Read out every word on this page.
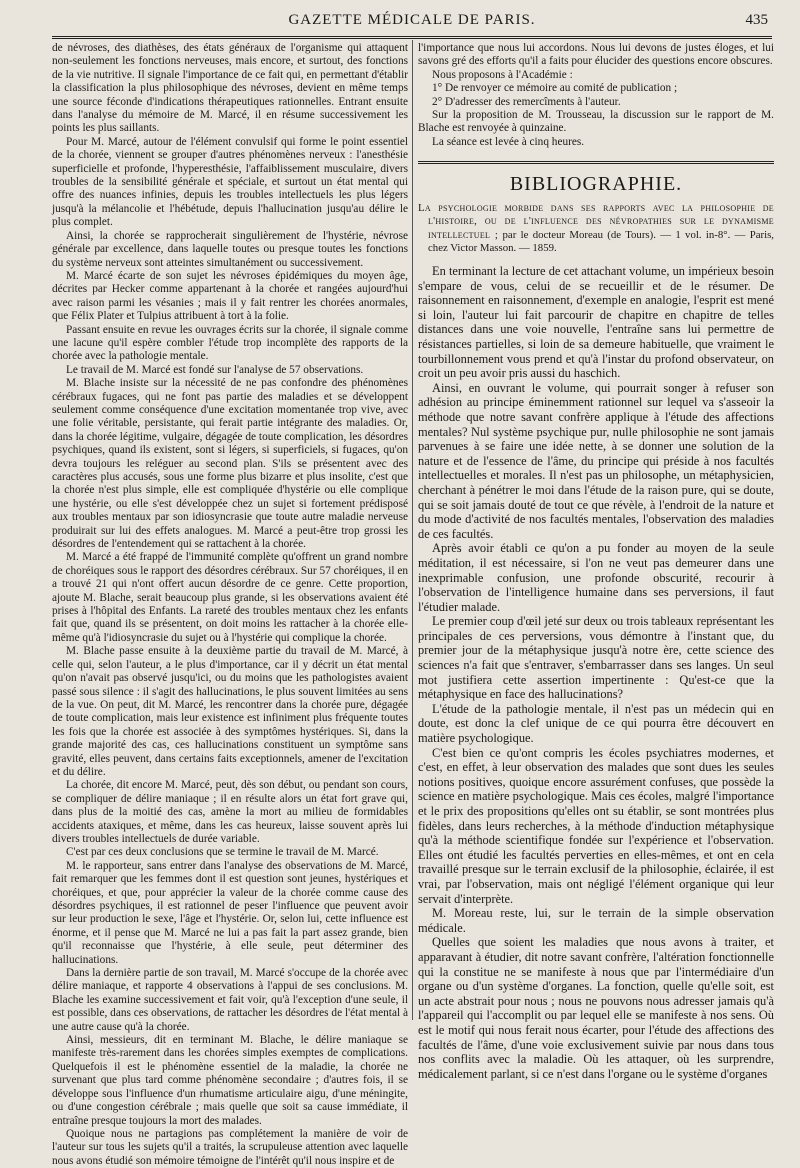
GAZETTE MÉDICALE DE PARIS.	435

de névroses, des diathèses, des états généraux de l'organisme qui attaquent non-seulement les fonctions nerveuses, mais encore, et surtout, des fonctions de la vie nutritive. Il signale l'importance de ce fait qui, en permettant d'établir la classification la plus philosophique des névroses, devient en même temps une source féconde d'indications thérapeutiques rationnelles. Entrant ensuite dans l'analyse du mémoire de M. Marcé, il en résume successivement les points les plus saillants.

Pour M. Marcé, autour de l'élément convulsif qui forme le point essentiel de la chorée, viennent se grouper d'autres phénomènes nerveux : l'anesthésie superficielle et profonde, l'hyperesthésie, l'affaiblissement musculaire, divers troubles de la sensibilité générale et spéciale, et surtout un état mental qui offre des nuances infinies, depuis les troubles intellectuels les plus légers jusqu'à la mélancolie et l'hébétude, depuis l'hallucination jusqu'au délire le plus complet.

Ainsi, la chorée se rapprocherait singulièrement de l'hystérie, névrose générale par excellence, dans laquelle toutes ou presque toutes les fonctions du système nerveux sont atteintes simultanément ou successivement.

M. Marcé écarte de son sujet les névroses épidémiques du moyen âge, décrites par Hecker comme appartenant à la chorée et rangées aujourd'hui avec raison parmi les vésanies ; mais il y fait rentrer les chorées anormales, que Félix Plater et Tulpius attribuent à tort à la folie.

Passant ensuite en revue les ouvrages écrits sur la chorée, il signale comme une lacune qu'il espère combler l'étude trop incomplète des rapports de la chorée avec la pathologie mentale.

Le travail de M. Marcé est fondé sur l'analyse de 57 observations.

M. Blache insiste sur la nécessité de ne pas confondre des phénomènes cérébraux fugaces, qui ne font pas partie des maladies et se développent seulement comme conséquence d'une excitation momentanée trop vive, avec une folie véritable, persistante, qui ferait partie intégrante des maladies. Or, dans la chorée légitime, vulgaire, dégagée de toute complication, les désordres psychiques, quand ils existent, sont si légers, si superficiels, si fugaces, qu'on devra toujours les reléguer au second plan. S'ils se présentent avec des caractères plus accusés, sous une forme plus bizarre et plus insolite, c'est que la chorée n'est plus simple, elle est compliquée d'hystérie ou elle complique une hystérie, ou elle s'est développée chez un sujet si fortement prédisposé aux troubles mentaux par son idiosyncrasie que toute autre maladie nerveuse produirait sur lui des effets analogues. M. Marcé a peut-être trop grossi les désordres de l'entendement qui se rattachent à la chorée.

M. Marcé a été frappé de l'immunité complète qu'offrent un grand nombre de choréiques sous le rapport des désordres cérébraux. Sur 57 choréiques, il en a trouvé 21 qui n'ont offert aucun désordre de ce genre. Cette proportion, ajoute M. Blache, serait beaucoup plus grande, si les observations avaient été prises à l'hôpital des Enfants. La rareté des troubles mentaux chez les enfants fait que, quand ils se présentent, on doit moins les rattacher à la chorée elle-même qu'à l'idiosyncrasie du sujet ou à l'hystérie qui complique la chorée.

M. Blache passe ensuite à la deuxième partie du travail de M. Marcé, à celle qui, selon l'auteur, a le plus d'importance, car il y décrit un état mental qu'on n'avait pas observé jusqu'ici, ou du moins que les pathologistes avaient passé sous silence : il s'agit des hallucinations, le plus souvent limitées au sens de la vue. On peut, dit M. Marcé, les rencontrer dans la chorée pure, dégagée de toute complication, mais leur existence est infiniment plus fréquente toutes les fois que la chorée est associée à des symptômes hystériques. Si, dans la grande majorité des cas, ces hallucinations constituent un symptôme sans gravité, elles peuvent, dans certains faits exceptionnels, amener de l'excitation et du délire.

La chorée, dit encore M. Marcé, peut, dès son début, ou pendant son cours, se compliquer de délire maniaque ; il en résulte alors un état fort grave qui, dans plus de la moitié des cas, amène la mort au milieu de formidables accidents ataxiques, et même, dans les cas heureux, laisse souvent après lui divers troubles intellectuels de durée variable.

C'est par ces deux conclusions que se termine le travail de M. Marcé.

M. le rapporteur, sans entrer dans l'analyse des observations de M. Marcé, fait remarquer que les femmes dont il est question sont jeunes, hystériques et choréiques, et que, pour apprécier la valeur de la chorée comme cause des désordres psychiques, il est rationnel de peser l'influence que peuvent avoir sur leur production le sexe, l'âge et l'hystérie. Or, selon lui, cette influence est énorme, et il pense que M. Marcé ne lui a pas fait la part assez grande, bien qu'il reconnaisse que l'hystérie, à elle seule, peut déterminer des hallucinations.

Dans la dernière partie de son travail, M. Marcé s'occupe de la chorée avec délire maniaque, et rapporte 4 observations à l'appui de ses conclusions. M. Blache les examine successivement et fait voir, qu'à l'exception d'une seule, il est possible, dans ces observations, de rattacher les désordres de l'état mental à une autre cause qu'à la chorée.

Ainsi, messieurs, dit en terminant M. Blache, le délire maniaque se manifeste très-rarement dans les chorées simples exemptes de complications. Quelquefois il est le phénomène essentiel de la maladie, la chorée ne survenant que plus tard comme phénomène secondaire ; d'autres fois, il se développe sous l'influence d'un rhumatisme articulaire aigu, d'une méningite, ou d'une congestion cérébrale ; mais quelle que soit sa cause immédiate, il entraîne presque toujours la mort des malades.

Quoique nous ne partagions pas complétement la manière de voir de l'auteur sur tous les sujets qu'il a traités, la scrupuleuse attention avec laquelle nous avons étudié son mémoire témoigne de l'intérêt qu'il nous inspire et de

l'importance que nous lui accordons. Nous lui devons de justes éloges, et lui savons gré des efforts qu'il a faits pour élucider des questions encore obscures.

Nous proposons à l'Académie :

1° De renvoyer ce mémoire au comité de publication ;

2° D'adresser des remercîments à l'auteur.

Sur la proposition de M. Trousseau, la discussion sur le rapport de M. Blache est renvoyée à quinzaine.

La séance est levée à cinq heures.

BIBLIOGRAPHIE.
La psychologie morbide dans ses rapports avec la philosophie de l'histoire, ou de l'influence des névropathies sur le dynamisme intellectuel ; par le docteur Moreau (de Tours). — 1 vol. in-8°. — Paris, chez Victor Masson. — 1859.

En terminant la lecture de cet attachant volume, un impérieux besoin s'empare de vous, celui de se recueillir et de le résumer. De raisonnement en raisonnement, d'exemple en analogie, l'esprit est mené si loin, l'auteur lui fait parcourir de chapitre en chapitre de telles distances dans une voie nouvelle, l'entraîne sans lui permettre de résistances partielles, si loin de sa demeure habituelle, que vraiment le tourbillonnement vous prend et qu'à l'instar du profond observateur, on croit un peu avoir pris aussi du haschich.

Ainsi, en ouvrant le volume, qui pourrait songer à refuser son adhésion au principe éminemment rationnel sur lequel va s'asseoir la méthode que notre savant confrère applique à l'étude des affections mentales? Nul système psychique pur, nulle philosophie ne sont jamais parvenues à se faire une idée nette, à se donner une solution de la nature et de l'essence de l'âme, du principe qui préside à nos facultés intellectuelles et morales. Il n'est pas un philosophe, un métaphysicien, cherchant à pénétrer le moi dans l'étude de la raison pure, qui se doute, qui se soit jamais douté de tout ce que révèle, à l'endroit de la nature et du mode d'activité de nos facultés mentales, l'observation des maladies de ces facultés.

Après avoir établi ce qu'on a pu fonder au moyen de la seule méditation, il est nécessaire, si l'on ne veut pas demeurer dans une inexprimable confusion, une profonde obscurité, recourir à l'observation de l'intelligence humaine dans ses perversions, il faut l'étudier malade.

Le premier coup d'œil jeté sur deux ou trois tableaux représentant les principales de ces perversions, vous démontre à l'instant que, du premier jour de la métaphysique jusqu'à notre ère, cette science des sciences n'a fait que s'entraver, s'embarrasser dans ses langes. Un seul mot justifiera cette assertion impertinente : Qu'est-ce que la métaphysique en face des hallucinations?

L'étude de la pathologie mentale, il n'est pas un médecin qui en doute, est donc la clef unique de ce qui pourra être découvert en matière psychologique.

C'est bien ce qu'ont compris les écoles psychiatres modernes, et c'est, en effet, à leur observation des malades que sont dues les seules notions positives, quoique encore assurément confuses, que possède la science en matière psychologique. Mais ces écoles, malgré l'importance et le prix des propositions qu'elles ont su établir, se sont montrées plus fidèles, dans leurs recherches, à la méthode d'induction métaphysique qu'à la méthode scientifique fondée sur l'expérience et l'observation. Elles ont étudié les facultés perverties en elles-mêmes, et ont en cela travaillé presque sur le terrain exclusif de la philosophie, éclairée, il est vrai, par l'observation, mais ont négligé l'élément organique qui leur servait d'interprète.

M. Moreau reste, lui, sur le terrain de la simple observation médicale.

Quelles que soient les maladies que nous avons à traiter, et apparavant à étudier, dit notre savant confrère, l'altération fonctionnelle qui la constitue ne se manifeste à nous que par l'intermédiaire d'un organe ou d'un système d'organes. La fonction, quelle qu'elle soit, est un acte abstrait pour nous ; nous ne pouvons nous adresser jamais qu'à l'appareil qui l'accomplit ou par lequel elle se manifeste à nos sens. Où est le motif qui nous ferait nous écarter, pour l'étude des affections des facultés de l'âme, d'une voie exclusivement suivie par nous dans tous nos conflits avec la maladie. Où les attaquer, où les surprendre, médicalement parlant, si ce n'est dans l'organe ou le système d'organes
